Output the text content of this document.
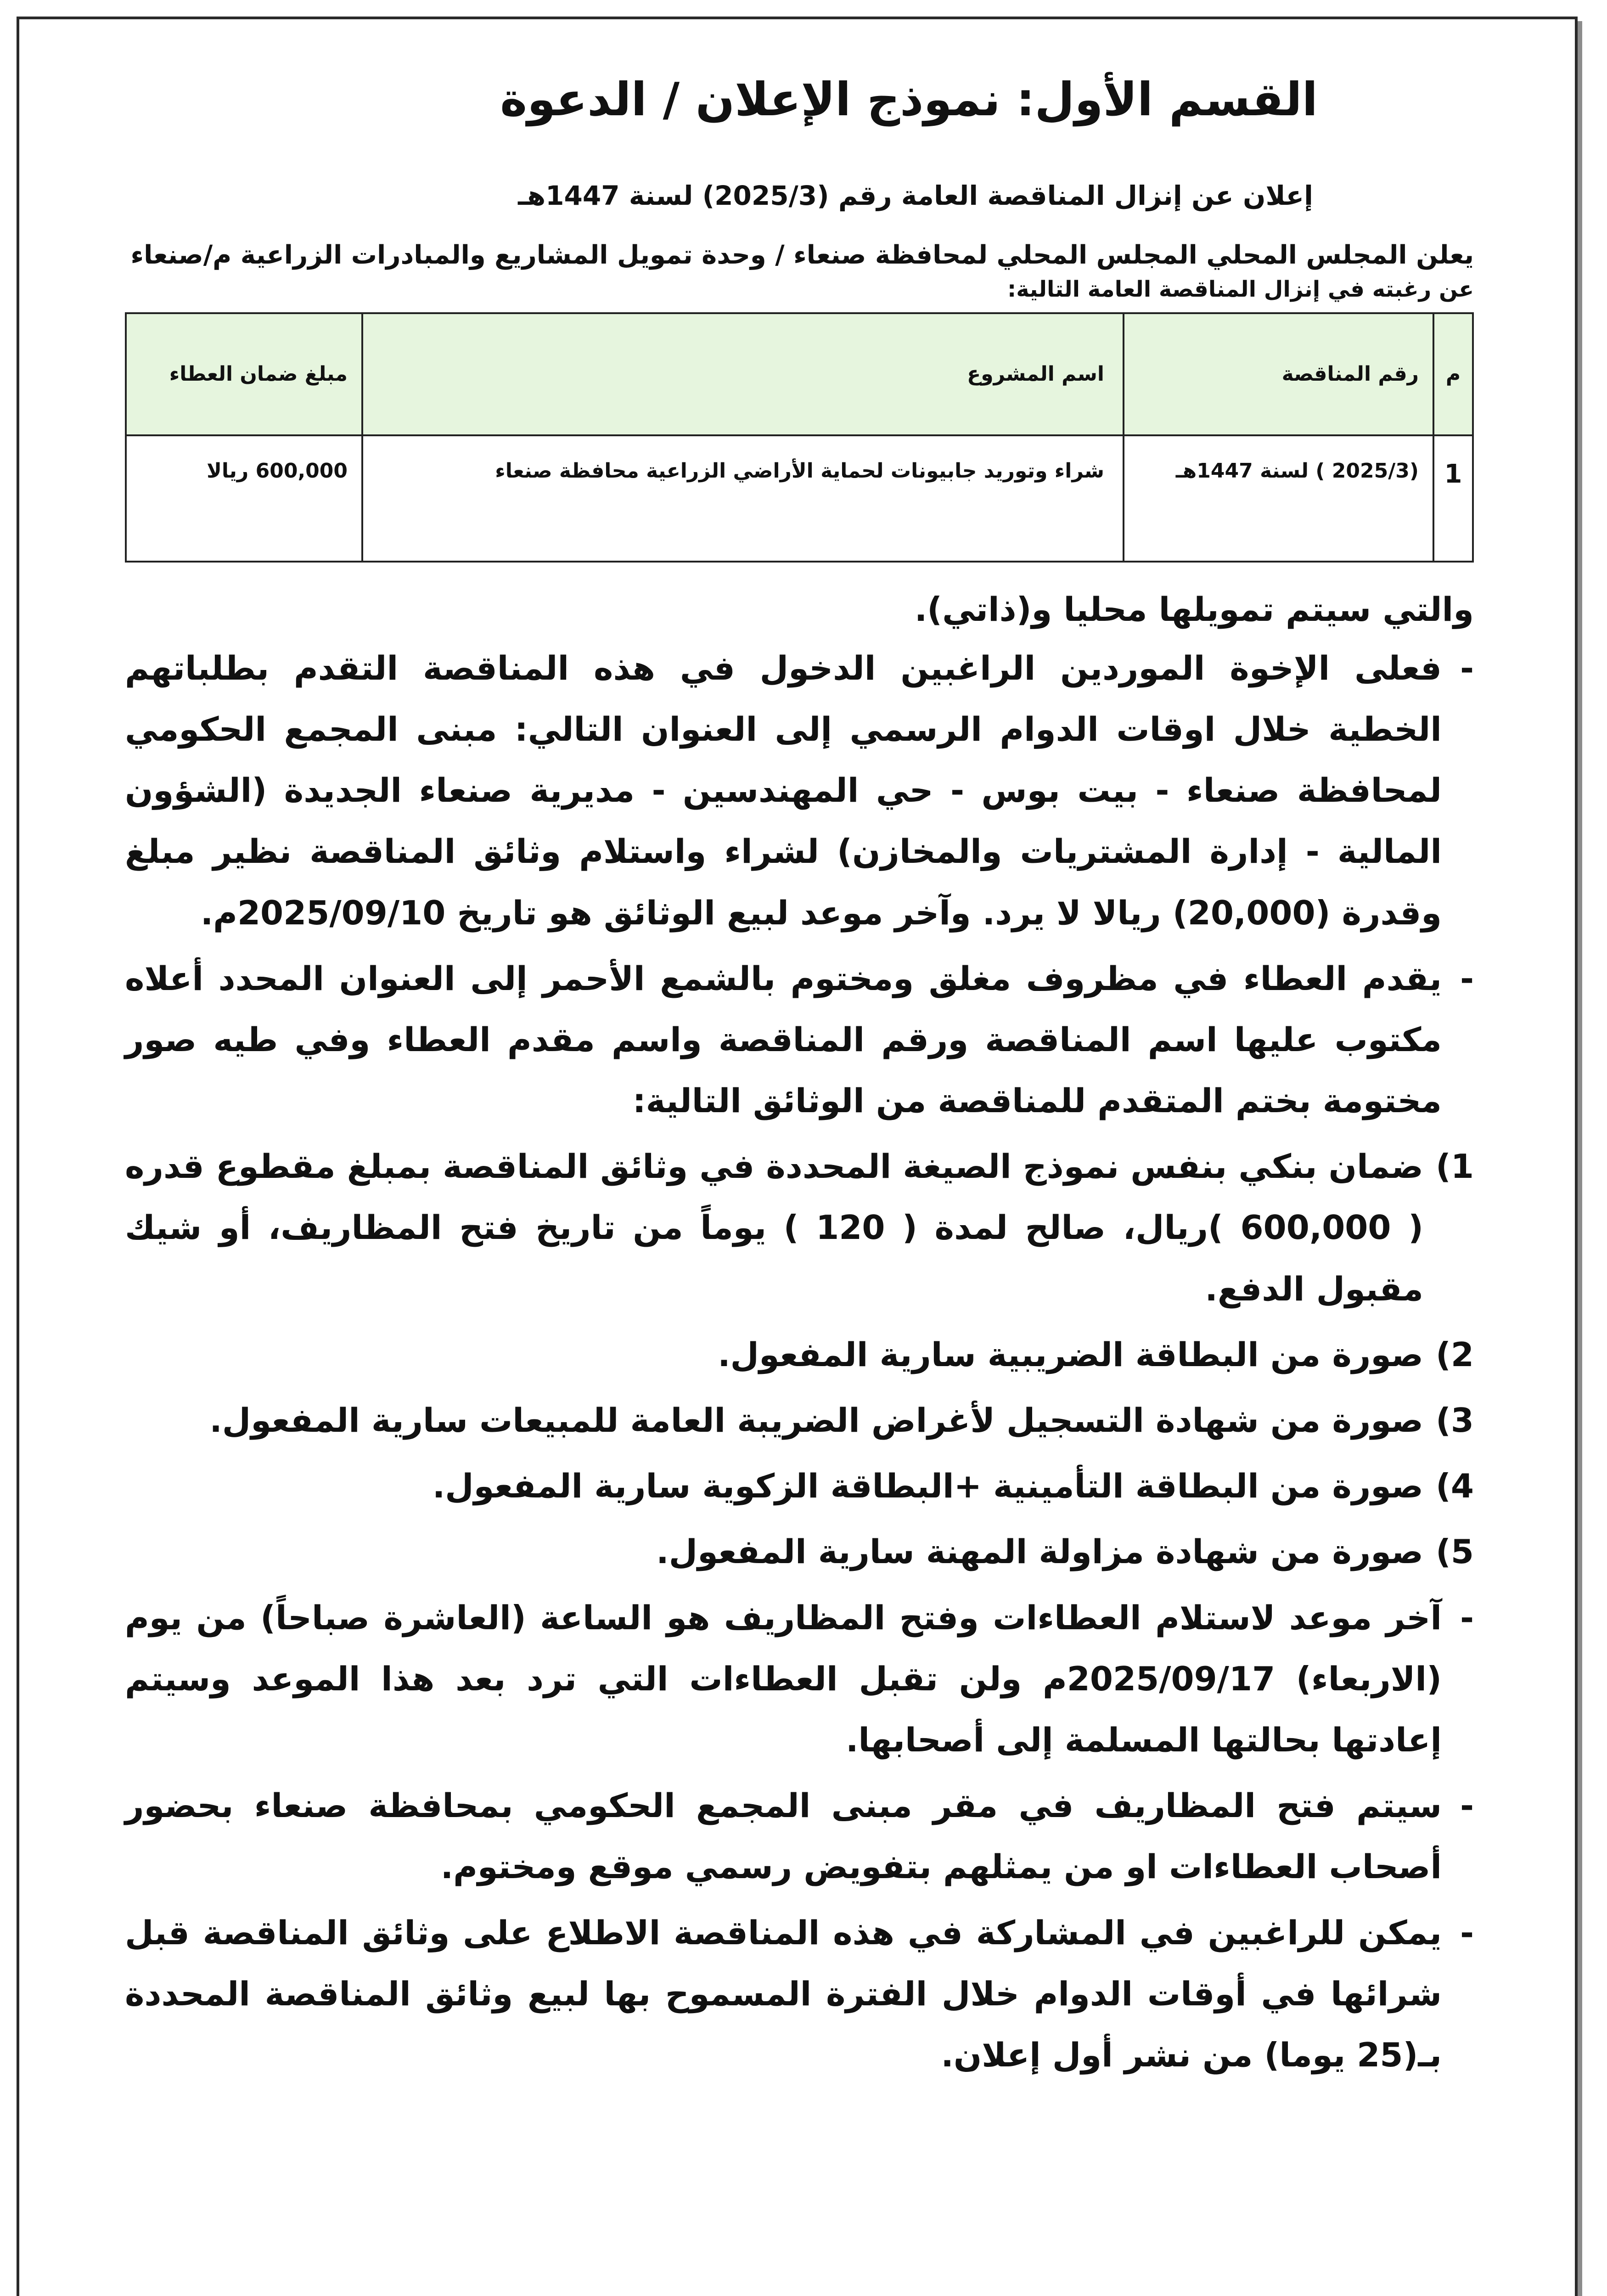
القسم الأول: نموذج الإعلان / الدعوة

إعلان عن إنزال المناقصة العامة رقم (2025/3) لسنة 1447هـ

يعلن المجلس المحلي المجلس المحلي لمحافظة صنعاء / وحدة تمويل المشاريع والمبادرات الزراعية م/صنعاء

عن رغبته في إنزال المناقصة العامة التالية:

م	رقم المناقصة	اسم المشروع	مبلغ ضمان العطاء
1	(2025/3 ) لسنة 1447هـ	شراء وتوريد جابيونات لحماية الأراضي الزراعية محافظة صنعاء	600,000 ريالا

والتي سيتم تمويلها محليا و(ذاتي).

-
فعلى الإخوة الموردين الراغبين الدخول في هذه المناقصة التقدم بطلباتهم الخطية خلال اوقات الدوام الرسمي إلى العنوان التالي: مبنى المجمع الحكومي لمحافظة صنعاء - بيت بوس - حي المهندسين - مديرية صنعاء الجديدة (الشؤون المالية - إدارة المشتريات والمخازن) لشراء واستلام وثائق المناقصة نظير مبلغ وقدرة (20,000) ريالا لا يرد. وآخر موعد لبيع الوثائق هو تاريخ 2025/09/10م.
-
يقدم العطاء في مظروف مغلق ومختوم بالشمع الأحمر إلى العنوان المحدد أعلاه مكتوب عليها اسم المناقصة ورقم المناقصة واسم مقدم العطاء وفي طيه صور مختومة بختم المتقدم للمناقصة من الوثائق التالية:
1)
ضمان بنكي بنفس نموذج الصيغة المحددة في وثائق المناقصة بمبلغ مقطوع قدره ( 600,000 )ريال، صالح لمدة ( 120 ) يوماً من تاريخ فتح المظاريف، أو شيك مقبول الدفع.
2)
صورة من البطاقة الضريبية سارية المفعول.
3)
صورة من شهادة التسجيل لأغراض الضريبة العامة للمبيعات سارية المفعول.
4)
صورة من البطاقة التأمينية +البطاقة الزكوية سارية المفعول.
5)
صورة من شهادة مزاولة المهنة سارية المفعول.
-
آخر موعد لاستلام العطاءات وفتح المظاريف هو الساعة (العاشرة صباحاً) من يوم (الاربعاء) 2025/09/17م ولن تقبل العطاءات التي ترد بعد هذا الموعد وسيتم إعادتها بحالتها المسلمة إلى أصحابها.
-
سيتم فتح المظاريف في مقر مبنى المجمع الحكومي بمحافظة صنعاء بحضور أصحاب العطاءات او من يمثلهم بتفويض رسمي موقع ومختوم.
-
يمكن للراغبين في المشاركة في هذه المناقصة الاطلاع على وثائق المناقصة قبل شرائها في أوقات الدوام خلال الفترة المسموح بها لبيع وثائق المناقصة المحددة بـ(25 يوما) من نشر أول إعلان.
